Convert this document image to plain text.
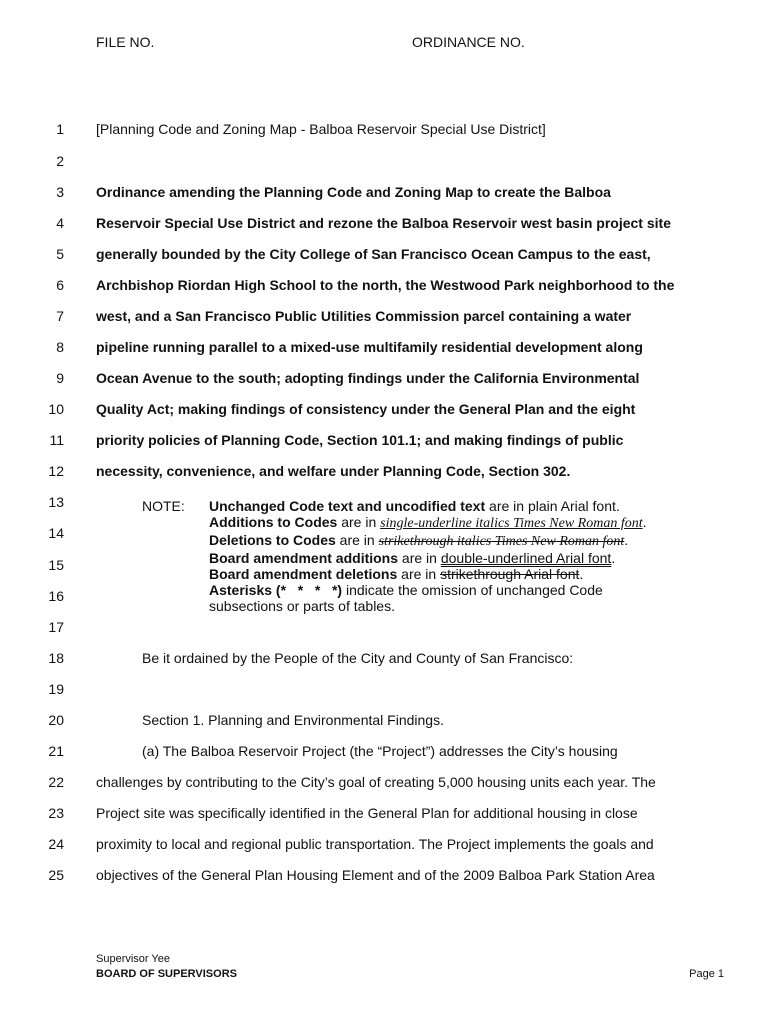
FILE NO.	ORDINANCE NO.
1
2
3
4
5
6
7
8
9
10
11
12
13
14
15
16
17
18
19
20
21
22
23
24
25
[Planning Code and Zoning Map - Balboa Reservoir Special Use District]
Ordinance amending the Planning Code and Zoning Map to create the Balboa
Reservoir Special Use District and rezone the Balboa Reservoir west basin project site
generally bounded by the City College of San Francisco Ocean Campus to the east,
Archbishop Riordan High School to the north, the Westwood Park neighborhood to the
west, and a San Francisco Public Utilities Commission parcel containing a water
pipeline running parallel to a mixed-use multifamily residential development along
Ocean Avenue to the south; adopting findings under the California Environmental
Quality Act; making findings of consistency under the General Plan and the eight
priority policies of Planning Code, Section 101.1; and making findings of public
necessity, convenience, and welfare under Planning Code, Section 302.
NOTE: Unchanged Code text and uncodified text are in plain Arial font.
Additions to Codes are in single-underline italics Times New Roman font.
Deletions to Codes are in strikethrough italics Times New Roman font.
Board amendment additions are in double-underlined Arial font.
Board amendment deletions are in strikethrough Arial font.
Asterisks (*   *   *   *) indicate the omission of unchanged Code
subsections or parts of tables.
Be it ordained by the People of the City and County of San Francisco:
Section 1. Planning and Environmental Findings.
(a) The Balboa Reservoir Project (the “Project”) addresses the City’s housing
challenges by contributing to the City’s goal of creating 5,000 housing units each year. The
Project site was specifically identified in the General Plan for additional housing in close
proximity to local and regional public transportation. The Project implements the goals and
objectives of the General Plan Housing Element and of the 2009 Balboa Park Station Area
Supervisor Yee
BOARD OF SUPERVISORS	Page 1
